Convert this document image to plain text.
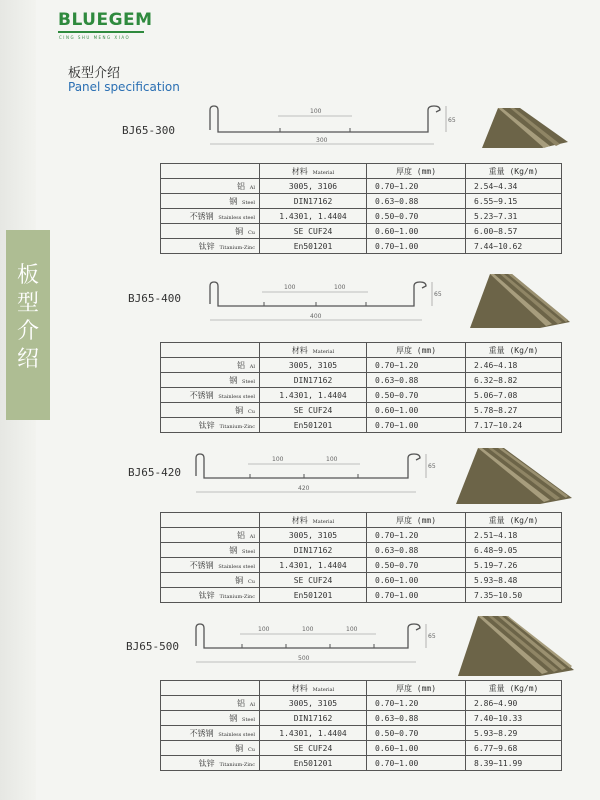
板
型
介
绍
BLUEGEM
CING SHU MENG XIAO
板型介绍
Panel specification
BJ65-300
100
300
65
	材料 Material	厚度 (mm)	重量 (Kg/m)
铝 Al	3005, 3106	0.70~1.20	2.54~4.34
钢 Steel	DIN17162	0.63~0.88	6.55~9.15
不锈钢 Stainless steel	1.4301, 1.4404	0.50~0.70	5.23~7.31
铜 Cu	SE CUF24	0.60~1.00	6.00~8.57
钛锌 Titanium-Zinc	En501201	0.70~1.00	7.44~10.62
BJ65-400
100	100
400
65
	材料 Material	厚度 (mm)	重量 (Kg/m)
铝 Al	3005, 3105	0.70~1.20	2.46~4.18
钢 Steel	DIN17162	0.63~0.88	6.32~8.82
不锈钢 Stainless steel	1.4301, 1.4404	0.50~0.70	5.06~7.08
铜 Cu	SE CUF24	0.60~1.00	5.78~8.27
钛锌 Titanium-Zinc	En501201	0.70~1.00	7.17~10.24
BJ65-420
100	100
420
65
	材料 Material	厚度 (mm)	重量 (Kg/m)
铝 Al	3005, 3105	0.70~1.20	2.51~4.18
钢 Steel	DIN17162	0.63~0.88	6.48~9.05
不锈钢 Stainless steel	1.4301, 1.4404	0.50~0.70	5.19~7.26
铜 Cu	SE CUF24	0.60~1.00	5.93~8.48
钛锌 Titanium-Zinc	En501201	0.70~1.00	7.35~10.50
BJ65-500
100	100	100
500
65
	材料 Material	厚度 (mm)	重量 (Kg/m)
铝 Al	3005, 3105	0.70~1.20	2.86~4.90
钢 Steel	DIN17162	0.63~0.88	7.40~10.33
不锈钢 Stainless steel	1.4301, 1.4404	0.50~0.70	5.93~8.29
铜 Cu	SE CUF24	0.60~1.00	6.77~9.68
钛锌 Titanium-Zinc	En501201	0.70~1.00	8.39~11.99
